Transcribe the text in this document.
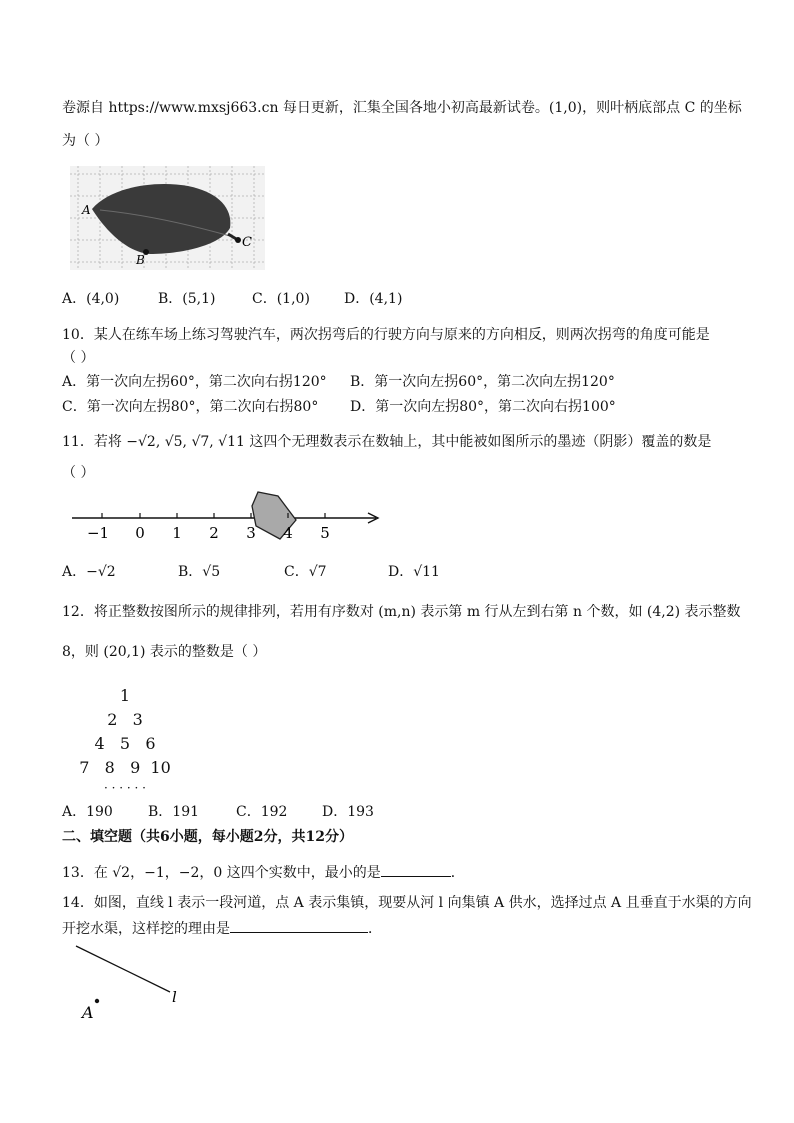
卷源自 https://www.mxsj663.cn 每日更新，汇集全国各地小初高最新试卷。(1,0)，则叶柄底部点 C 的坐标
为（ ）
A
B
C
A．(4,0)	B．(5,1)	C．(1,0) D．(4,1)
10．某人在练车场上练习驾驶汽车，两次拐弯后的行驶方向与原来的方向相反，则两次拐弯的角度可能是
（ ）
A．第一次向左拐60°，第二次向右拐120° B．第一次向左拐60°，第二次向左拐120°
C．第一次向左拐80°，第二次向右拐80° D．第一次向左拐80°，第二次向右拐100°
11．若将 −√2, √5, √7, √11 这四个无理数表示在数轴上，其中能被如图所示的墨迹（阴影）覆盖的数是
（ ）
−1 0 1 2 3 4 5
A．−√2	B．√5	C．√7	D．√11
12．将正整数按图所示的规律排列，若用有序数对 (m,n) 表示第 m 行从左到右第 n 个数，如 (4,2) 表示整数
8，则 (20,1) 表示的整数是（ ）
1
2   3
4   5   6
7   8   9  10
· · · · · ·
A．190	B．191	C．192 D．193
二、填空题（共6小题，每小题2分，共12分）
13．在 √2，−1，−2，0 这四个实数中，最小的是	．
14．如图，直线 l 表示一段河道，点 A 表示集镇，现要从河 l 向集镇 A 供水，选择过点 A 且垂直于水渠的方向
开挖水渠，这样挖的理由是	．
l
A
